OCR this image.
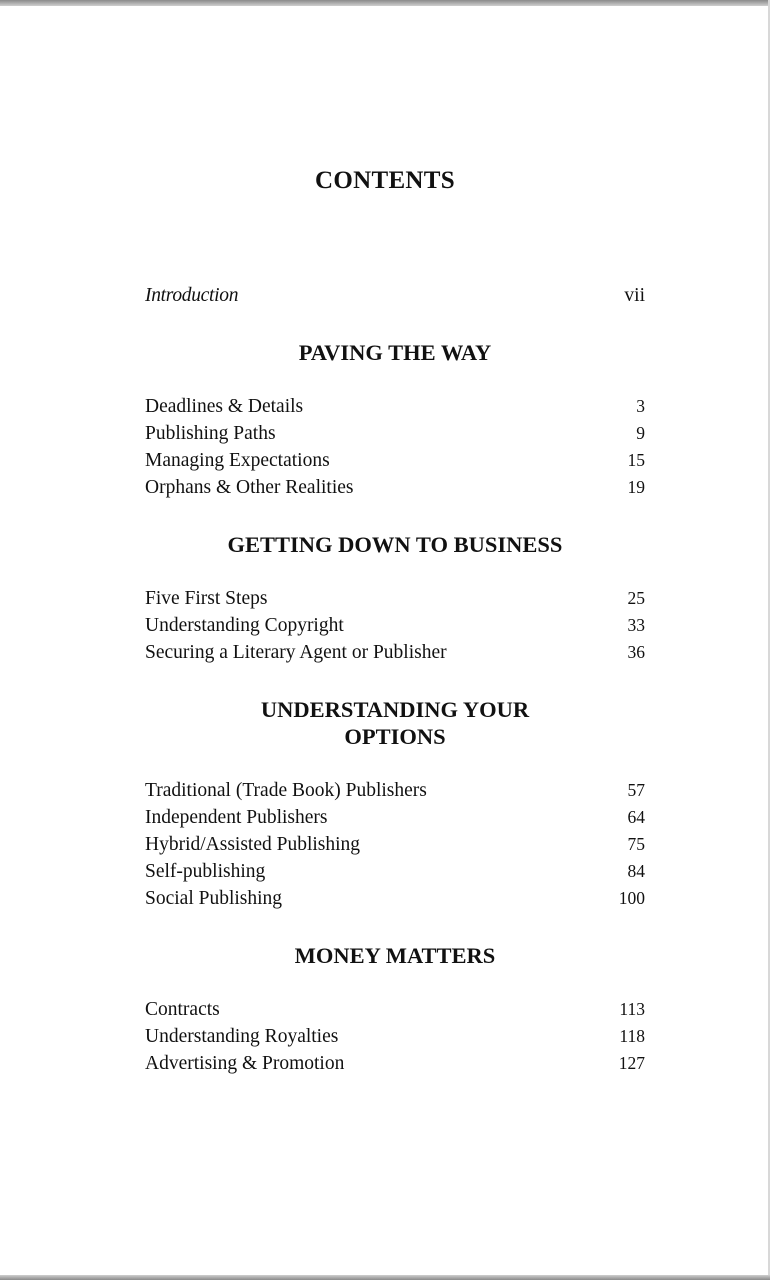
CONTENTS
Introduction	vii
PAVING THE WAY
Deadlines & Details	3
Publishing Paths	9
Managing Expectations	15
Orphans & Other Realities	19
GETTING DOWN TO BUSINESS
Five First Steps	25
Understanding Copyright	33
Securing a Literary Agent or Publisher	36
UNDERSTANDING YOUR OPTIONS
Traditional (Trade Book) Publishers	57
Independent Publishers	64
Hybrid/Assisted Publishing	75
Self-publishing	84
Social Publishing	100
MONEY MATTERS
Contracts	113
Understanding Royalties	118
Advertising & Promotion	127
